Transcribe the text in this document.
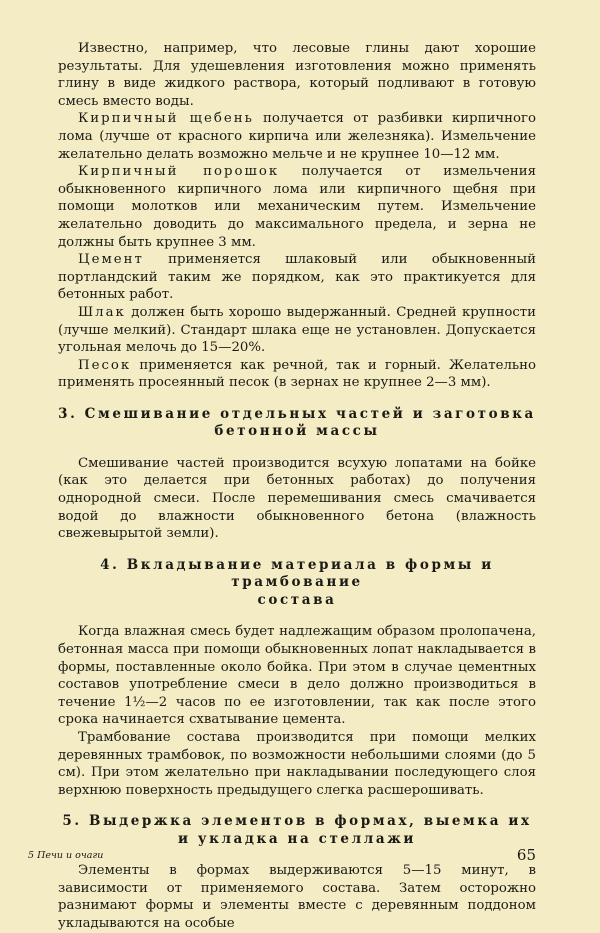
Известно, например, что лесовые глины дают хорошие результаты. Для удешевления изготовления можно применять глину в виде жидкого раствора, который подливают в готовую смесь вместо воды.

Кирпичный щебень получается от разбивки кирпичного лома (лучше от красного кирпича или железняка). Измельчение желательно делать возможно мельче и не крупнее 10—12 мм.

Кирпичный порошок получается от измельчения обыкновенного кирпичного лома или кирпичного щебня при помощи молотков или механическим путем. Измельчение желательно доводить до максимального предела, и зерна не должны быть крупнее 3 мм.

Цемент применяется шлаковый или обыкновенный портландский таким же порядком, как это практикуется для бетонных работ.

Шлак должен быть хорошо выдержанный. Средней крупности (лучше мелкий). Стандарт шлака еще не установлен. Допускается угольная мелочь до 15—20%.

Песок применяется как речной, так и горный. Желательно применять просеянный песок (в зернах не крупнее 2—3 мм).

3. Смешивание отдельных частей и заготовка
бетонной массы

Смешивание частей производится всухую лопатами на бойке (как это делается при бетонных работах) до получения однородной смеси. После перемешивания смесь смачивается водой до влажности обыкновенного бетона (влажность свежевырытой земли).

4. Вкладывание материала в формы и трамбование
состава

Когда влажная смесь будет надлежащим образом пролопачена, бетонная масса при помощи обыкновенных лопат накладывается в формы, поставленные около бойка. При этом в случае цементных составов употребление смеси в дело должно производиться в течение 1½—2 часов по ее изготовлении, так как после этого срока начинается схватывание цемента.

Трамбование состава производится при помощи мелких деревянных трамбовок, по возможности небольшими слоями (до 5 см). При этом желательно при накладывании последующего слоя верхнюю поверхность предыдущего слегка расшерошивать.

5. Выдержка элементов в формах, выемка их
и укладка на стеллажи

Элементы в формах выдерживаются 5—15 минут, в зависимости от применяемого состава. Затем осторожно разнимают формы и элементы вместе с деревянным поддоном укладываются на особые

5 Печи и очаги	65
